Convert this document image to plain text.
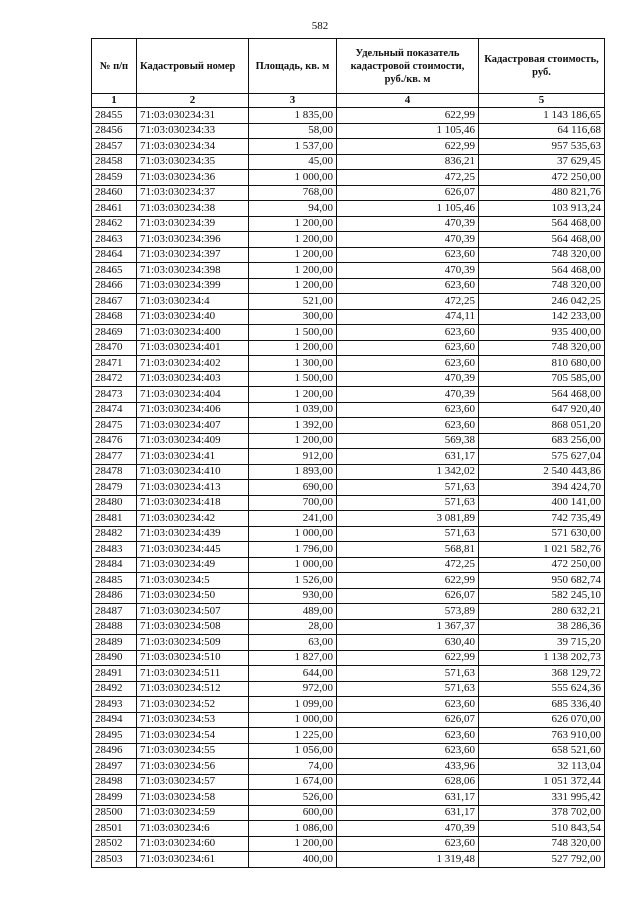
582
№ п/п	Кадастровый номер	Площадь, кв. м	Удельный показатель кадастровой стоимости, руб./кв. м	Кадастровая стоимость, руб.
1	2	3	4	5
28455	71:03:030234:31	1 835,00	622,99	1 143 186,65
28456	71:03:030234:33	58,00	1 105,46	64 116,68
28457	71:03:030234:34	1 537,00	622,99	957 535,63
28458	71:03:030234:35	45,00	836,21	37 629,45
28459	71:03:030234:36	1 000,00	472,25	472 250,00
28460	71:03:030234:37	768,00	626,07	480 821,76
28461	71:03:030234:38	94,00	1 105,46	103 913,24
28462	71:03:030234:39	1 200,00	470,39	564 468,00
28463	71:03:030234:396	1 200,00	470,39	564 468,00
28464	71:03:030234:397	1 200,00	623,60	748 320,00
28465	71:03:030234:398	1 200,00	470,39	564 468,00
28466	71:03:030234:399	1 200,00	623,60	748 320,00
28467	71:03:030234:4	521,00	472,25	246 042,25
28468	71:03:030234:40	300,00	474,11	142 233,00
28469	71:03:030234:400	1 500,00	623,60	935 400,00
28470	71:03:030234:401	1 200,00	623,60	748 320,00
28471	71:03:030234:402	1 300,00	623,60	810 680,00
28472	71:03:030234:403	1 500,00	470,39	705 585,00
28473	71:03:030234:404	1 200,00	470,39	564 468,00
28474	71:03:030234:406	1 039,00	623,60	647 920,40
28475	71:03:030234:407	1 392,00	623,60	868 051,20
28476	71:03:030234:409	1 200,00	569,38	683 256,00
28477	71:03:030234:41	912,00	631,17	575 627,04
28478	71:03:030234:410	1 893,00	1 342,02	2 540 443,86
28479	71:03:030234:413	690,00	571,63	394 424,70
28480	71:03:030234:418	700,00	571,63	400 141,00
28481	71:03:030234:42	241,00	3 081,89	742 735,49
28482	71:03:030234:439	1 000,00	571,63	571 630,00
28483	71:03:030234:445	1 796,00	568,81	1 021 582,76
28484	71:03:030234:49	1 000,00	472,25	472 250,00
28485	71:03:030234:5	1 526,00	622,99	950 682,74
28486	71:03:030234:50	930,00	626,07	582 245,10
28487	71:03:030234:507	489,00	573,89	280 632,21
28488	71:03:030234:508	28,00	1 367,37	38 286,36
28489	71:03:030234:509	63,00	630,40	39 715,20
28490	71:03:030234:510	1 827,00	622,99	1 138 202,73
28491	71:03:030234:511	644,00	571,63	368 129,72
28492	71:03:030234:512	972,00	571,63	555 624,36
28493	71:03:030234:52	1 099,00	623,60	685 336,40
28494	71:03:030234:53	1 000,00	626,07	626 070,00
28495	71:03:030234:54	1 225,00	623,60	763 910,00
28496	71:03:030234:55	1 056,00	623,60	658 521,60
28497	71:03:030234:56	74,00	433,96	32 113,04
28498	71:03:030234:57	1 674,00	628,06	1 051 372,44
28499	71:03:030234:58	526,00	631,17	331 995,42
28500	71:03:030234:59	600,00	631,17	378 702,00
28501	71:03:030234:6	1 086,00	470,39	510 843,54
28502	71:03:030234:60	1 200,00	623,60	748 320,00
28503	71:03:030234:61	400,00	1 319,48	527 792,00
